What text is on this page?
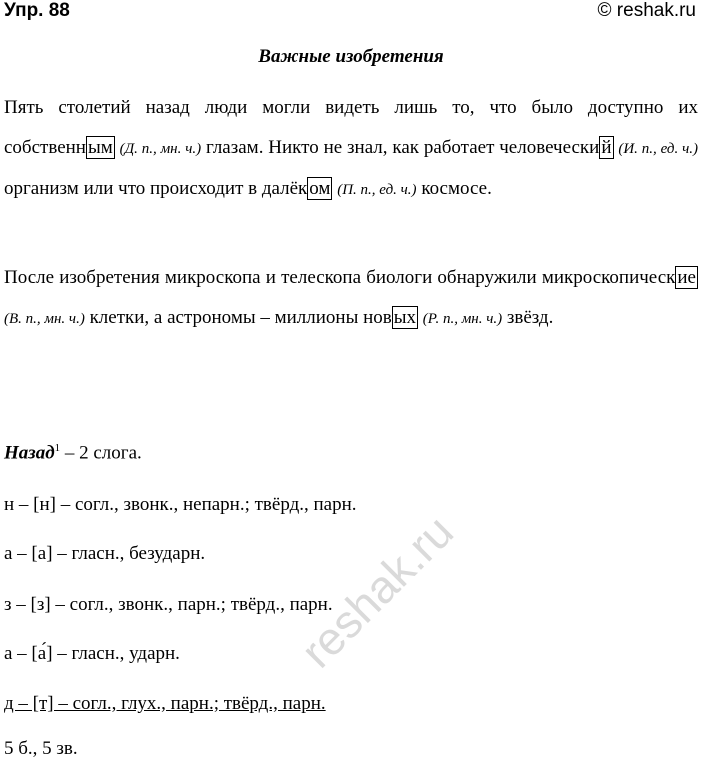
Упр. 88	© reshak.ru
Важные изобретения
Пять столетий назад люди могли видеть лишь то, что было доступно их собственн ым (Д. п., мн. ч.) глазам. Никто не знал, как работает человечески й (И. п., ед. ч.) организм или что происходит в далёк ом (П. п., ед. ч.) космосе.
После изобретения микроскопа и телескопа биологи обнаружили микроскопическ ие (В. п., мн. ч.) клетки, а астрономы – миллионы нов ых (Р. п., мн. ч.) звёзд.
Назад$^1$ – 2 слога.
н – [н] – согл., звонк., непарн.; твёрд., парн.
а – [а] – гласн., безударн.
з – [з] – согл., звонк., парн.; твёрд., парн.
а – [а́] – гласн., ударн.
д – [т] – согл., глух., парн.; твёрд., парн.
5 б., 5 зв.
reshak.ru
